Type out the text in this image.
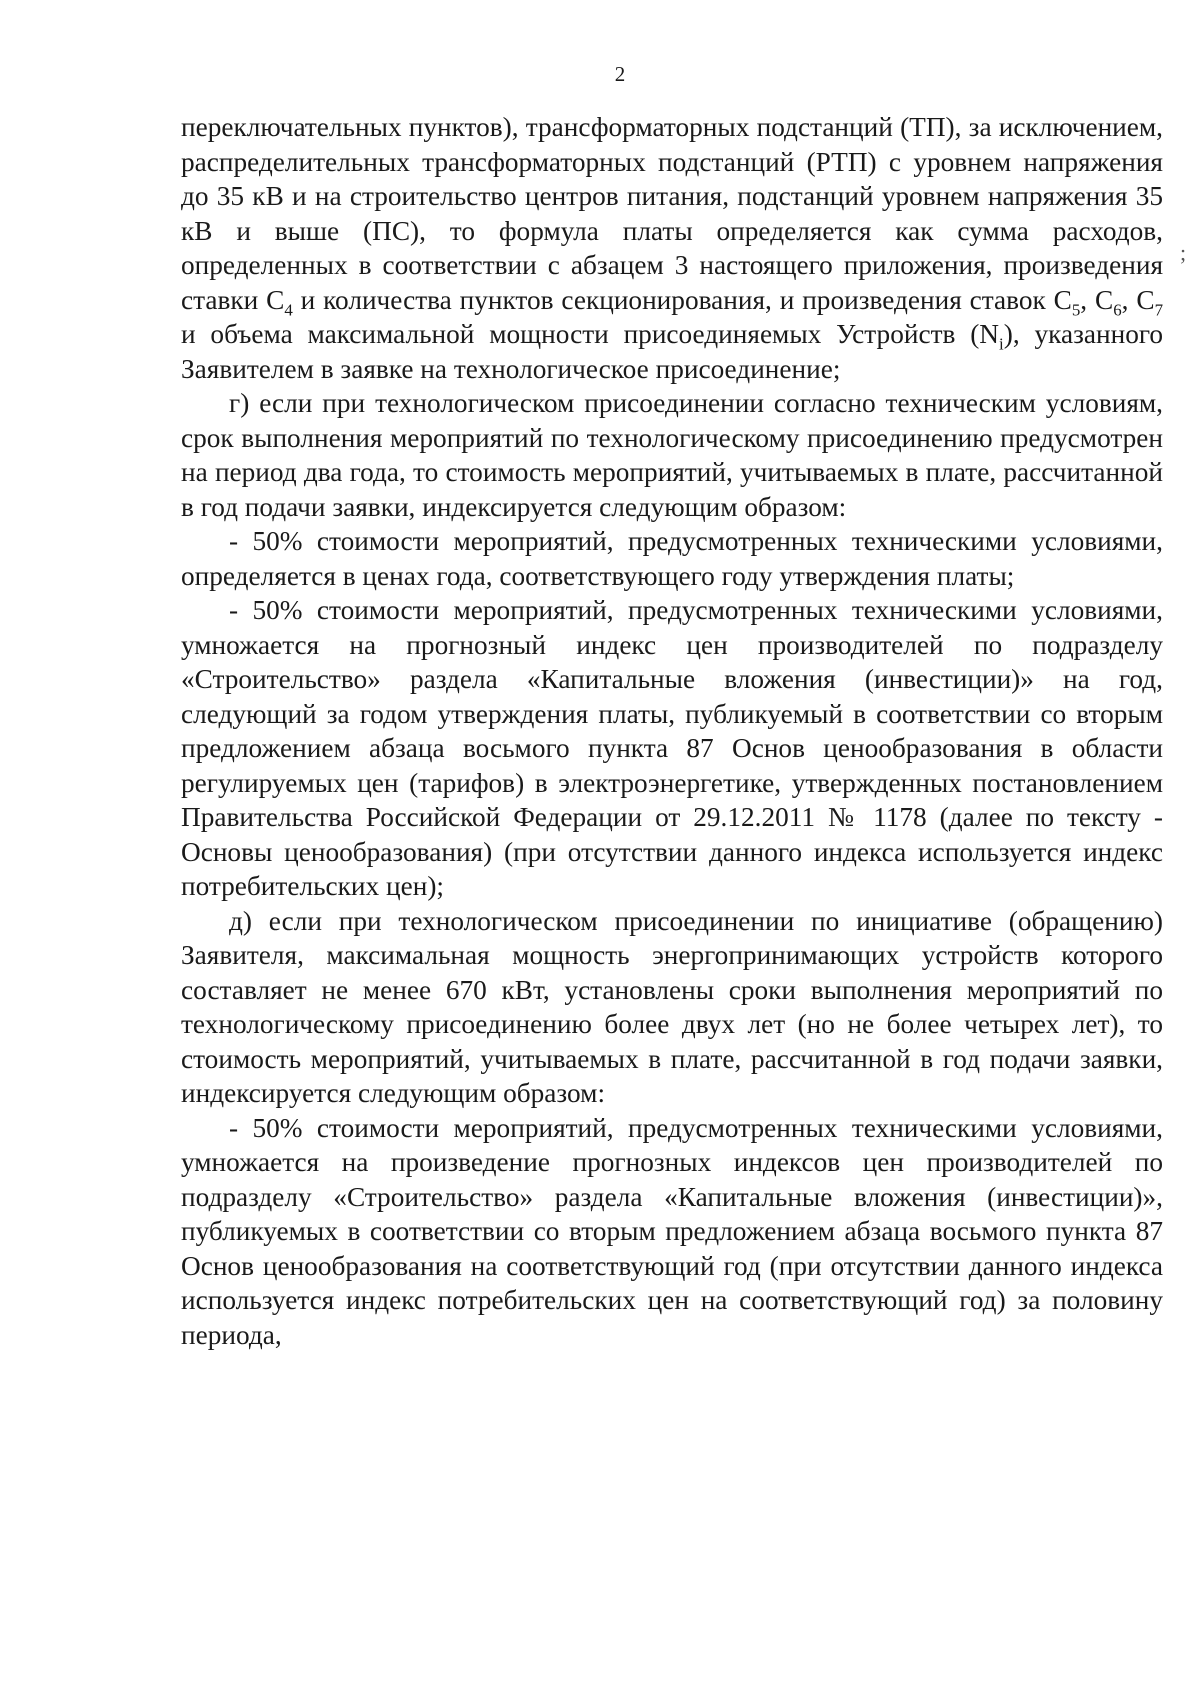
2
;

переключательных пунктов), трансформаторных подстанций (ТП), за исключением, распределительных трансформаторных подстанций (РТП) с уровнем напряжения до 35 кВ и на строительство центров питания, подстанций уровнем напряжения 35 кВ и выше (ПС), то формула платы определяется как сумма расходов, определенных в соответствии с абзацем 3 настоящего приложения, произведения ставки $С_4$ и количества пунктов секционирования, и произведения ставок $С_5$, $С_6$, $С_7$ и объема максимальной мощности присоединяемых Устройств $(N_i)$, указанного Заявителем в заявке на технологическое присоединение;

г) если при технологическом присоединении согласно техническим условиям, срок выполнения мероприятий по технологическому присоединению предусмотрен на период два года, то стоимость мероприятий, учитываемых в плате, рассчитанной в год подачи заявки, индексируется следующим образом:

- 50% стоимости мероприятий, предусмотренных техническими условиями, определяется в ценах года, соответствующего году утверждения платы;

- 50% стоимости мероприятий, предусмотренных техническими условиями, умножается на прогнозный индекс цен производителей по подразделу «Строительство» раздела «Капитальные вложения (инвестиции)» на год, следующий за годом утверждения платы, публикуемый в соответствии со вторым предложением абзаца восьмого пункта 87 Основ ценообразования в области регулируемых цен (тарифов) в электроэнергетике, утвержденных постановлением Правительства Российской Федерации от 29.12.2011 № 1178 (далее по тексту - Основы ценообразования) (при отсутствии данного индекса используется индекс потребительских цен);

д) если при технологическом присоединении по инициативе (обращению) Заявителя, максимальная мощность энергопринимающих устройств которого составляет не менее 670 кВт, установлены сроки выполнения мероприятий по технологическому присоединению более двух лет (но не более четырех лет), то стоимость мероприятий, учитываемых в плате, рассчитанной в год подачи заявки, индексируется следующим образом:

- 50% стоимости мероприятий, предусмотренных техническими условиями, умножается на произведение прогнозных индексов цен производителей по подразделу «Строительство» раздела «Капитальные вложения (инвестиции)», публикуемых в соответствии со вторым предложением абзаца восьмого пункта 87 Основ ценообразования на соответствующий год (при отсутствии данного индекса используется индекс потребительских цен на соответствующий год) за половину периода,
